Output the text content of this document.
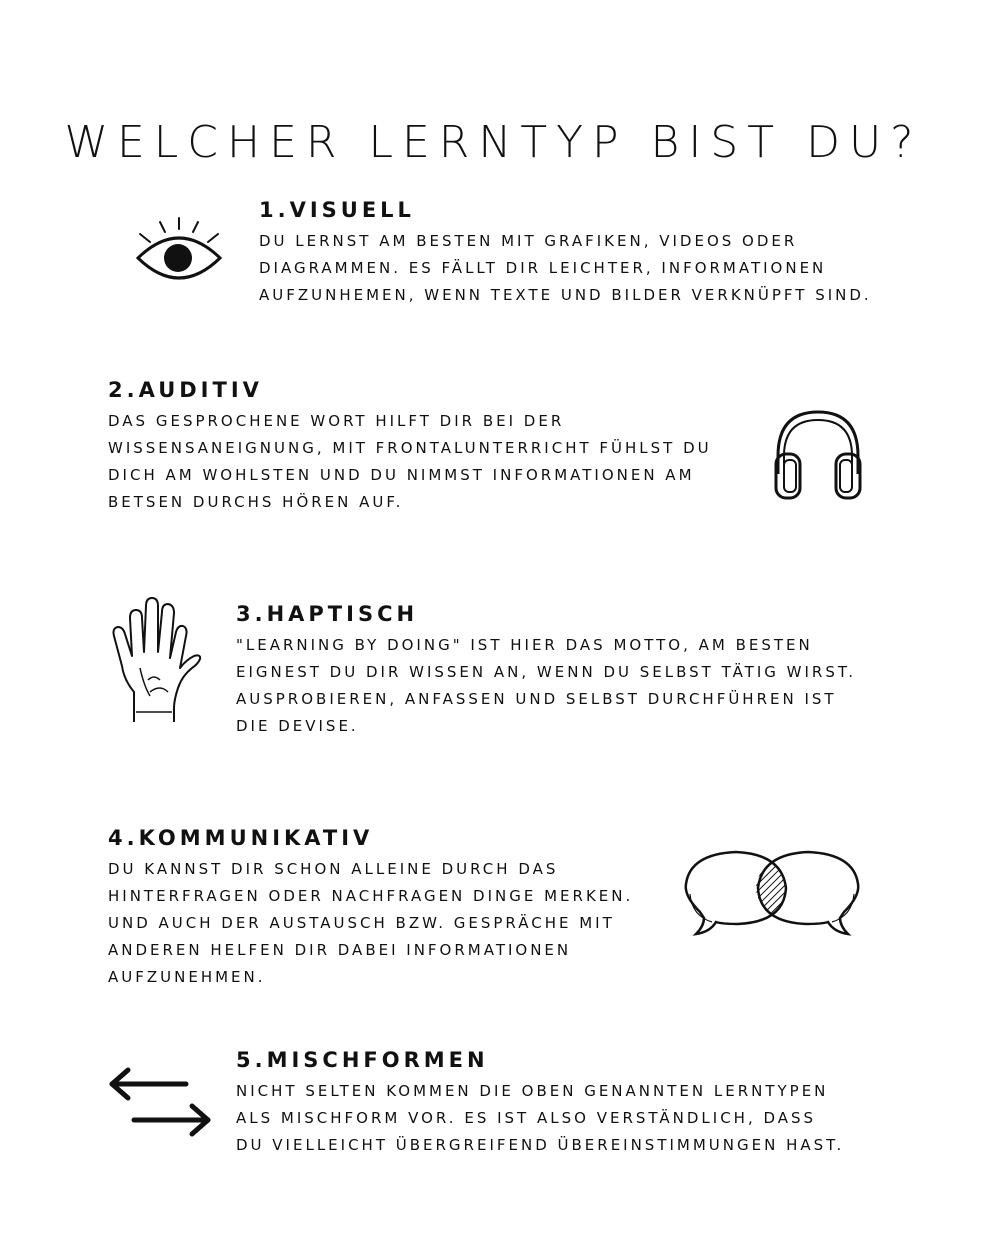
WELCHER LERNTYP BIST DU?
1.VISUELL

DU LERNST AM BESTEN MIT GRAFIKEN, VIDEOS ODER
DIAGRAMMEN. ES FÄLLT DIR LEICHTER, INFORMATIONEN
AUFZUNHEMEN, WENN TEXTE UND BILDER VERKNÜPFT SIND.

2.AUDITIV

DAS GESPROCHENE WORT HILFT DIR BEI DER
WISSENSANEIGNUNG, MIT FRONTALUNTERRICHT FÜHLST DU
DICH AM WOHLSTEN UND DU NIMMST INFORMATIONEN AM
BETSEN DURCHS HÖREN AUF.

3.HAPTISCH

"LEARNING BY DOING" IST HIER DAS MOTTO, AM BESTEN
EIGNEST DU DIR WISSEN AN, WENN DU SELBST TÄTIG WIRST.
AUSPROBIEREN, ANFASSEN UND SELBST DURCHFÜHREN IST
DIE DEVISE.

4.KOMMUNIKATIV

DU KANNST DIR SCHON ALLEINE DURCH DAS
HINTERFRAGEN ODER NACHFRAGEN DINGE MERKEN.
UND AUCH DER AUSTAUSCH BZW. GESPRÄCHE MIT
ANDEREN HELFEN DIR DABEI INFORMATIONEN
AUFZUNEHMEN.

5.MISCHFORMEN

NICHT SELTEN KOMMEN DIE OBEN GENANNTEN LERNTYPEN
ALS MISCHFORM VOR. ES IST ALSO VERSTÄNDLICH, DASS
DU VIELLEICHT ÜBERGREIFEND ÜBEREINSTIMMUNGEN HAST.
